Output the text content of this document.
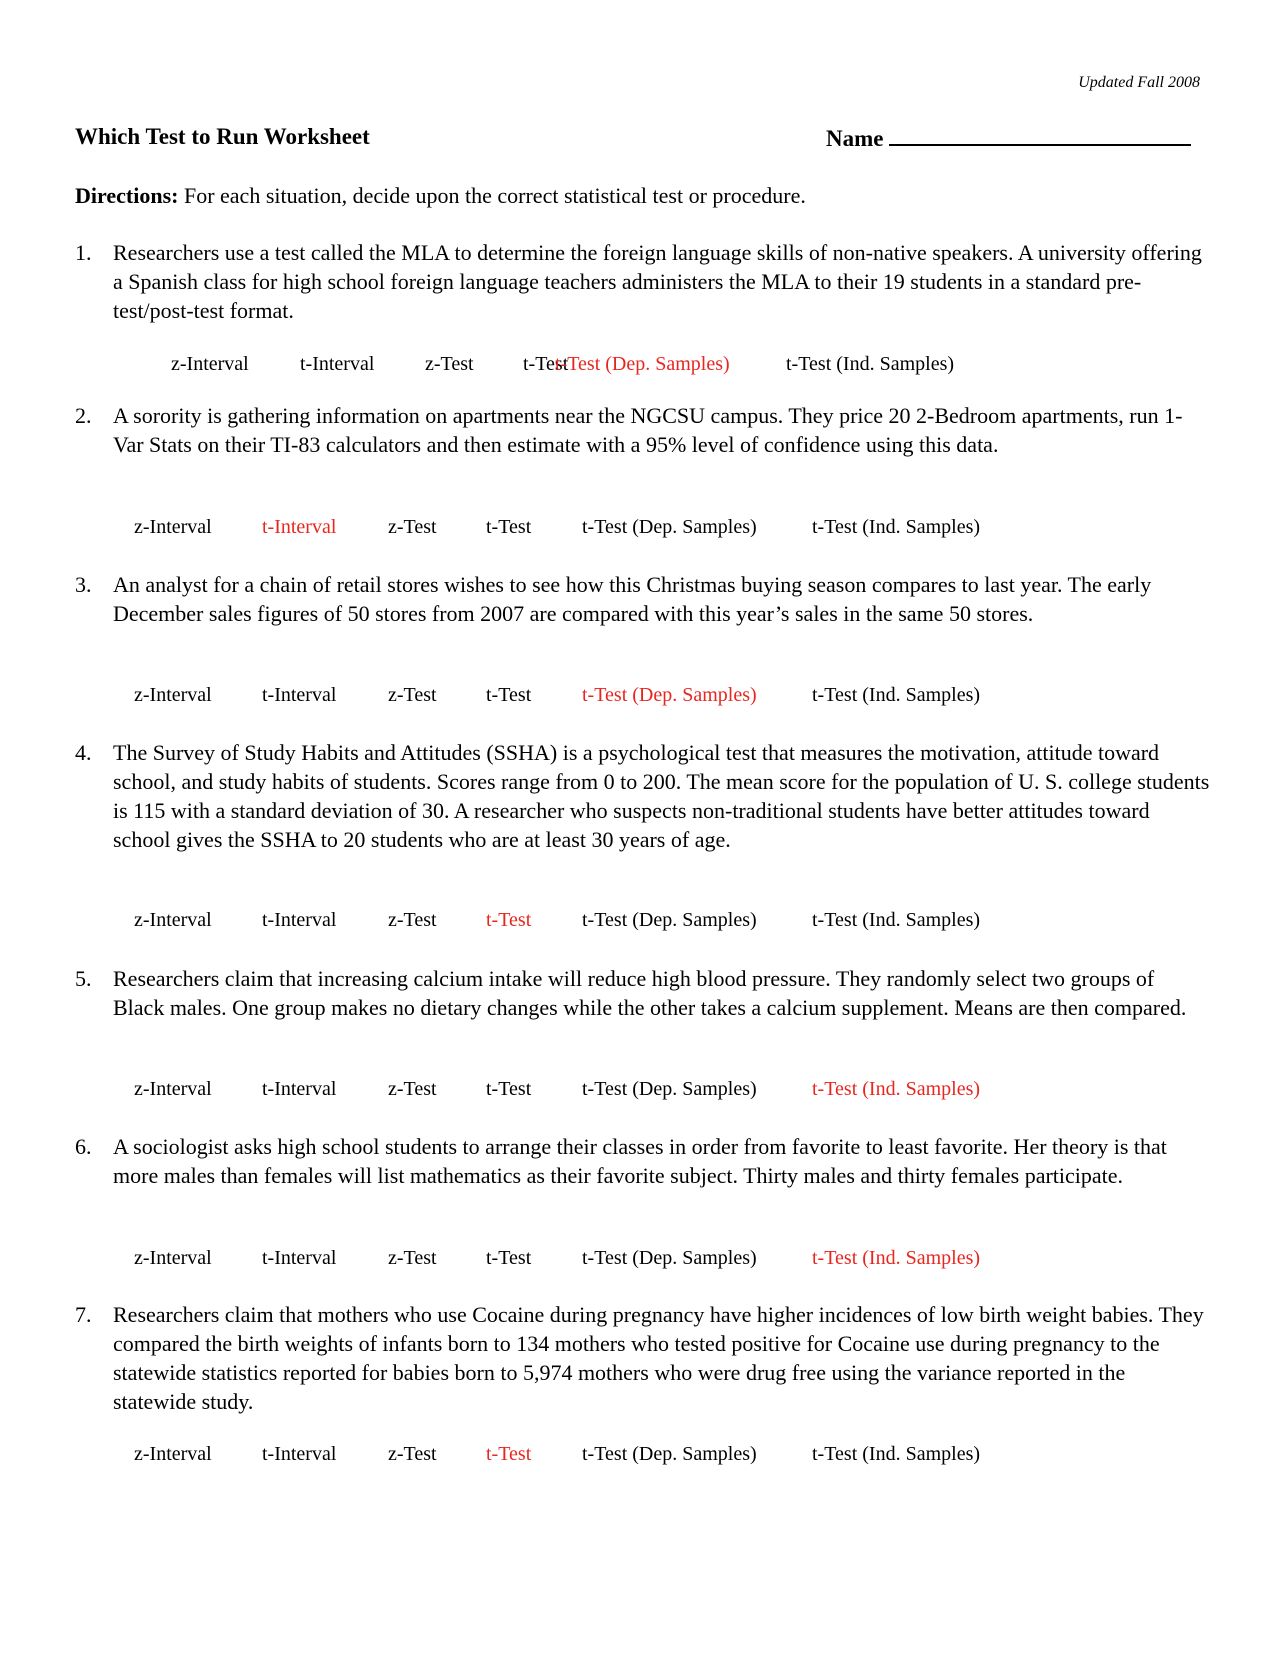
Updated Fall 2008
Which Test to Run Worksheet	Name
Directions: For each situation, decide upon the correct statistical test or procedure.
1. Researchers use a test called the MLA to determine the foreign language skills of non-native speakers. A university offering a Spanish class for high school foreign language teachers administers the MLA to their 19 students in a standard pre-test/post-test format.
z-Interval	t-Interval	z-Test t-Test
t-Test (Dep. Samples)	t-Test (Ind. Samples)
2. A sorority is gathering information on apartments near the NGCSU campus. They price 20 2-Bedroom apartments, run 1-Var Stats on their TI-83 calculators and then estimate with a 95% level of confidence using this data.
z-Interval	t-Interval	z-Test t-Test	t-Test (Dep. Samples)	t-Test (Ind. Samples)
3. An analyst for a chain of retail stores wishes to see how this Christmas buying season compares to last year. The early December sales figures of 50 stores from 2007 are compared with this year’s sales in the same 50 stores.
z-Interval	t-Interval	z-Test t-Test	t-Test (Dep. Samples)	t-Test (Ind. Samples)
4. The Survey of Study Habits and Attitudes (SSHA) is a psychological test that measures the motivation, attitude toward school, and study habits of students. Scores range from 0 to 200. The mean score for the population of U. S. college students is 115 with a standard deviation of 30. A researcher who suspects non-traditional students have better attitudes toward school gives the SSHA to 20 students who are at least 30 years of age.
z-Interval	t-Interval	z-Test t-Test	t-Test (Dep. Samples)	t-Test (Ind. Samples)
5. Researchers claim that increasing calcium intake will reduce high blood pressure. They randomly select two groups of Black males. One group makes no dietary changes while the other takes a calcium supplement. Means are then compared.
z-Interval	t-Interval	z-Test t-Test	t-Test (Dep. Samples)	t-Test (Ind. Samples)
6. A sociologist asks high school students to arrange their classes in order from favorite to least favorite. Her theory is that more males than females will list mathematics as their favorite subject. Thirty males and thirty females participate.
z-Interval	t-Interval	z-Test t-Test	t-Test (Dep. Samples)	t-Test (Ind. Samples)
7. Researchers claim that mothers who use Cocaine during pregnancy have higher incidences of low birth weight babies. They compared the birth weights of infants born to 134 mothers who tested positive for Cocaine use during pregnancy to the statewide statistics reported for babies born to 5,974 mothers who were drug free using the variance reported in the statewide study.
z-Interval	t-Interval	z-Test t-Test	t-Test (Dep. Samples)	t-Test (Ind. Samples)
